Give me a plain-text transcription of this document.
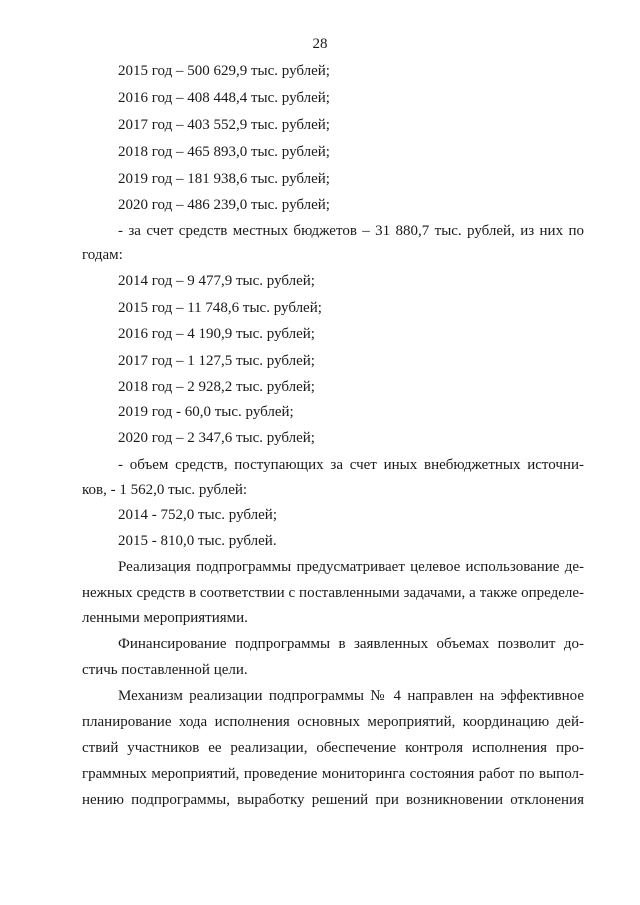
28
2015 год – 500 629,9 тыс. рублей;
2016 год – 408 448,4 тыс. рублей;
2017 год – 403 552,9 тыс. рублей;
2018 год – 465 893,0 тыс. рублей;
2019 год – 181 938,6 тыс. рублей;
2020 год – 486 239,0 тыс. рублей;
- за счет средств местных бюджетов – 31 880,7 тыс. рублей, из них по
годам:
2014 год – 9 477,9 тыс. рублей;
2015 год – 11 748,6 тыс. рублей;
2016 год – 4 190,9 тыс. рублей;
2017 год – 1 127,5 тыс. рублей;
2018 год – 2 928,2 тыс. рублей;
2019 год - 60,0 тыс. рублей;
2020 год – 2 347,6 тыс. рублей;
- объем средств, поступающих за счет иных внебюджетных источни-
ков, - 1 562,0 тыс. рублей:
2014 - 752,0 тыс. рублей;
2015 - 810,0 тыс. рублей.
Реализация подпрограммы предусматривает целевое использование де-
нежных средств в соответствии с поставленными задачами, а также определе-
ленными мероприятиями.
Финансирование подпрограммы в заявленных объемах позволит до-
стичь поставленной цели.
Механизм реализации подпрограммы № 4 направлен на эффективное
планирование хода исполнения основных мероприятий, координацию дей-
ствий участников ее реализации, обеспечение контроля исполнения про-
граммных мероприятий, проведение мониторинга состояния работ по выпол-
нению подпрограммы, выработку решений при возникновении отклонения
